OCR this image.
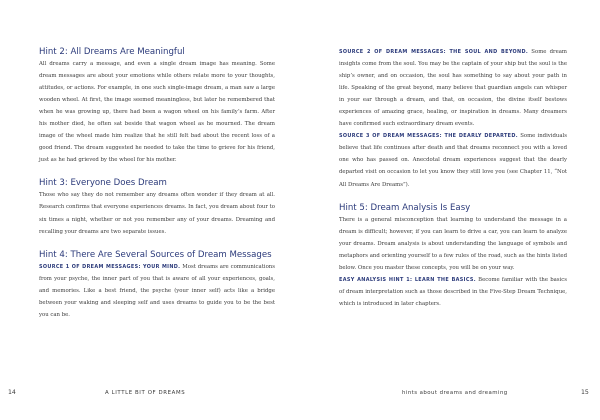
Hint 2: All Dreams Are Meaningful

All dreams carry a message, and even a single dream image has meaning. Some dream messages are about your emotions while others relate more to your thoughts, attitudes, or actions. For example, in one such single-image dream, a man saw a large wooden wheel. At first, the image seemed meaningless, but later he remembered that when he was growing up, there had been a wagon wheel on his family’s farm. After his mother died, he often sat beside that wagon wheel as he mourned. The dream image of the wheel made him realize that he still felt bad about the recent loss of a good friend. The dream suggested he needed to take the time to grieve for his friend, just as he had grieved by the wheel for his mother.

Hint 3: Everyone Does Dream

Those who say they do not remember any dreams often wonder if they dream at all. Research confirms that everyone experiences dreams. In fact, you dream about four to six times a night, whether or not you remember any of your dreams. Dreaming and recalling your dreams are two separate issues.

Hint 4: There Are Several Sources of Dream Messages

SOURCE 1 OF DREAM MESSAGES: YOUR MIND. Most dreams are communications from your psyche, the inner part of you that is aware of all your experiences, goals, and memories. Like a best friend, the psyche (your inner self) acts like a bridge between your waking and sleeping self and uses dreams to guide you to be the best you can be.

14	A LITTLE BIT OF DREAMS

SOURCE 2 OF DREAM MESSAGES: THE SOUL AND BEYOND. Some dream insights come from the soul. You may be the captain of your ship but the soul is the ship’s owner, and on occasion, the soul has something to say about your path in life. Speaking of the great beyond, many believe that guardian angels can whisper in your ear through a dream, and that, on occasion, the divine itself bestows experiences of amazing grace, healing, or inspiration in dreams. Many dreamers have confirmed such extraordinary dream events.

SOURCE 3 OF DREAM MESSAGES: THE DEARLY DEPARTED. Some individuals believe that life continues after death and that dreams reconnect you with a loved one who has passed on. Anecdotal dream experiences suggest that the dearly departed visit on occasion to let you know they still love you (see Chapter 11, “Not All Dreams Are Dreams”).

Hint 5: Dream Analysis Is Easy

There is a general misconception that learning to understand the message in a dream is difficult; however, if you can learn to drive a car, you can learn to analyze your dreams. Dream analysis is about understanding the language of symbols and metaphors and orienting yourself to a few rules of the road, such as the hints listed below. Once you master these concepts, you will be on your way.

EASY ANALYSIS HINT 1: LEARN THE BASICS. Become familiar with the basics of dream interpretation such as those described in the Five-Step Dream Technique, which is introduced in later chapters.

hints about dreams and dreaming	15
